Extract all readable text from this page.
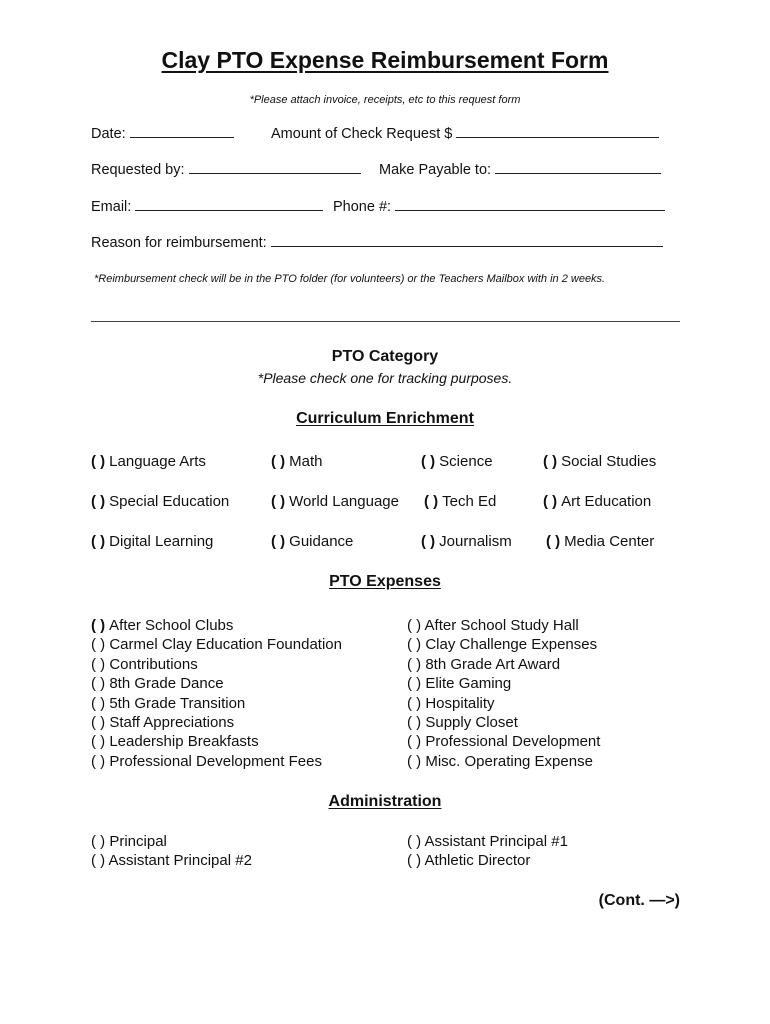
Clay PTO Expense Reimbursement Form
*Please attach invoice, receipts, etc to this request form
Date:	Amount of Check Request $
Requested by:	Make Payable to:
Email:	Phone #:
Reason for reimbursement:
*Reimbursement check will be in the PTO folder (for volunteers) or the Teachers Mailbox with in 2 weeks.
PTO Category
*Please check one for tracking purposes.
Curriculum Enrichment
( ) Language Arts	( ) Math	( ) Science	( ) Social Studies
( ) Special Education	( ) World Language ( ) Tech Ed	( ) Art Education
( ) Digital Learning	( ) Guidance	( ) Journalism ( ) Media Center
PTO Expenses
( ) After School Clubs
( ) Carmel Clay Education Foundation
( ) Contributions
( ) 8th Grade Dance
( ) 5th Grade Transition
( ) Staff Appreciations
( ) Leadership Breakfasts
( ) Professional Development Fees
( ) After School Study Hall
( ) Clay Challenge Expenses
( ) 8th Grade Art Award
( ) Elite Gaming
( ) Hospitality
( ) Supply Closet
( ) Professional Development
( ) Misc. Operating Expense
Administration
( ) Principal
( ) Assistant Principal #2
( ) Assistant Principal #1
( ) Athletic Director
(Cont. —>)
